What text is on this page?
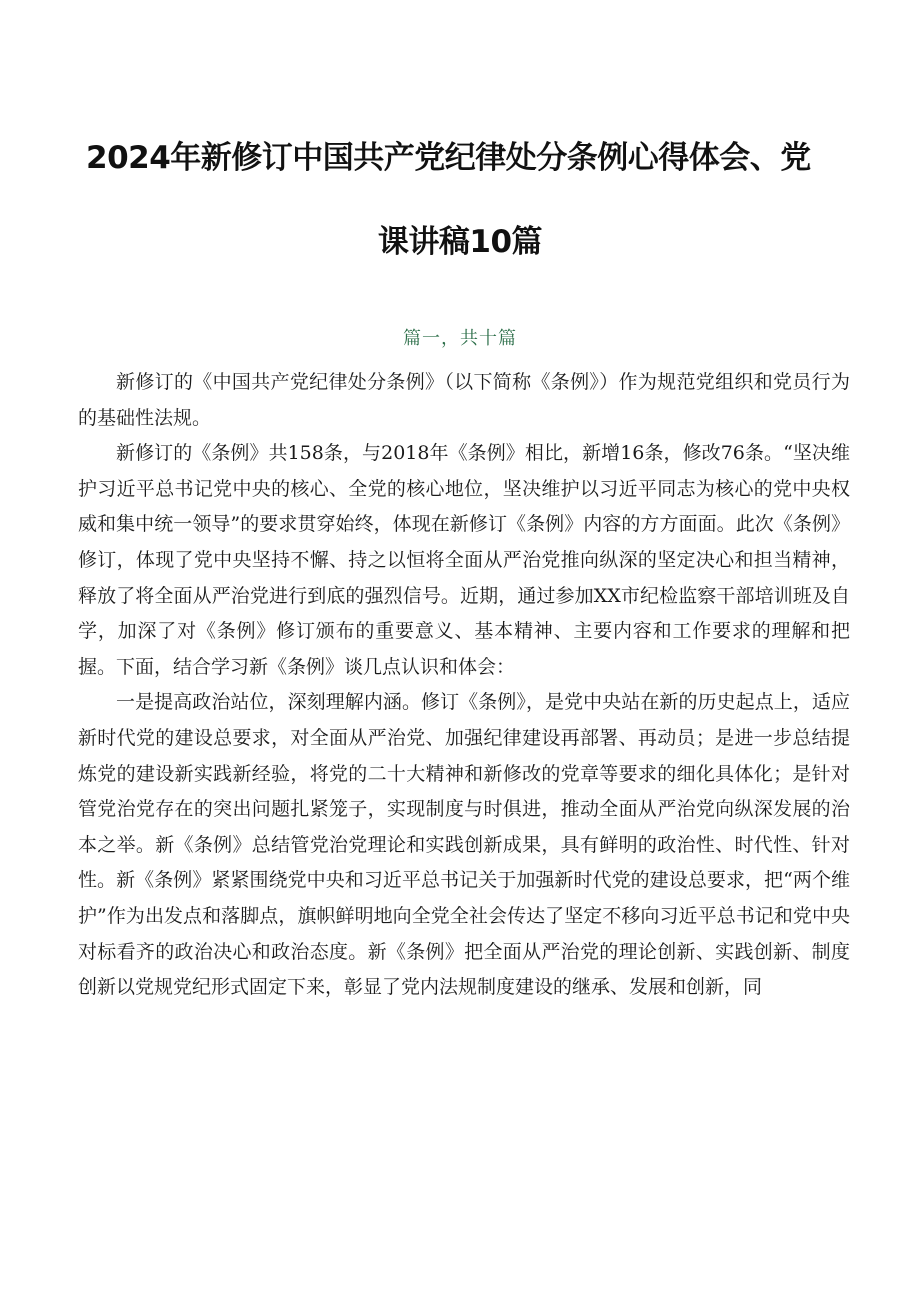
2024年新修订中国共产党纪律处分条例心得体会、党
课讲稿10篇
篇一，共十篇

新修订的《中国共产党纪律处分条例》（以下简称《条例》）作为规范党组织和党员行为的基础性法规。

新修订的《条例》共158条，与2018年《条例》相比，新增16条，修改76条。“坚决维护习近平总书记党中央的核心、全党的核心地位，坚决维护以习近平同志为核心的党中央权威和集中统一领导”的要求贯穿始终，体现在新修订《条例》内容的方方面面。此次《条例》修订，体现了党中央坚持不懈、持之以恒将全面从严治党推向纵深的坚定决心和担当精神，释放了将全面从严治党进行到底的强烈信号。近期，通过参加XX市纪检监察干部培训班及自学，加深了对《条例》修订颁布的重要意义、基本精神、主要内容和工作要求的理解和把握。下面，结合学习新《条例》谈几点认识和体会：

一是提高政治站位，深刻理解内涵。修订《条例》，是党中央站在新的历史起点上，适应新时代党的建设总要求，对全面从严治党、加强纪律建设再部署、再动员；是进一步总结提炼党的建设新实践新经验，将党的二十大精神和新修改的党章等要求的细化具体化；是针对管党治党存在的突出问题扎紧笼子，实现制度与时俱进，推动全面从严治党向纵深发展的治本之举。新《条例》总结管党治党理论和实践创新成果，具有鲜明的政治性、时代性、针对性。新《条例》紧紧围绕党中央和习近平总书记关于加强新时代党的建设总要求，把“两个维护”作为出发点和落脚点，旗帜鲜明地向全党全社会传达了坚定不移向习近平总书记和党中央对标看齐的政治决心和政治态度。新《条例》把全面从严治党的理论创新、实践创新、制度创新以党规党纪形式固定下来，彰显了党内法规制度建设的继承、发展和创新，同
